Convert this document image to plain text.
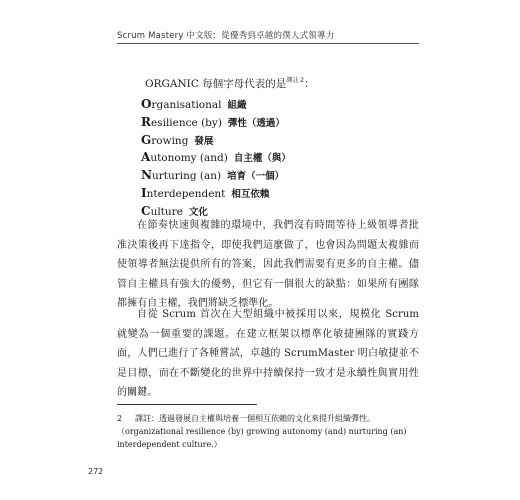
Scrum Mastery 中文版：從優秀到卓越的僕人式領導力
ORGANIC 每個字母代表的是$^{譯註 2}$：
Organisational 組織
Resilience (by) 彈性（透過）
Growing 發展
Autonomy (and) 自主權（與）
Nurturing (an) 培育（一個）
Interdependent 相互依賴
Culture 文化

在節奏快速與複雜的環境中，我們沒有時間等待上級領導者批准決策後再下達指令，即使我們這麼做了，也會因為問題太複雜而使領導者無法提供所有的答案，因此我們需要有更多的自主權。儘管自主權具有強大的優勢，但它有一個很大的缺點：如果所有團隊都擁有自主權，我們將缺乏標準化。

自從 Scrum 首次在大型組織中被採用以來，規模化 Scrum 就變為一個重要的課題。在建立框架以標準化敏捷團隊的實踐方面，人們已進行了各種嘗試，卓越的 ScrumMaster 明白敏捷並不是目標，而在不斷變化的世界中持續保持一致才是永續性與實用性的關鍵。

2 譯註：透過發展自主權與培養一個相互依賴的文化來提升組織彈性。（organizational resilience (by) growing autonomy (and) nurturing (an) interdependent culture.）
272
